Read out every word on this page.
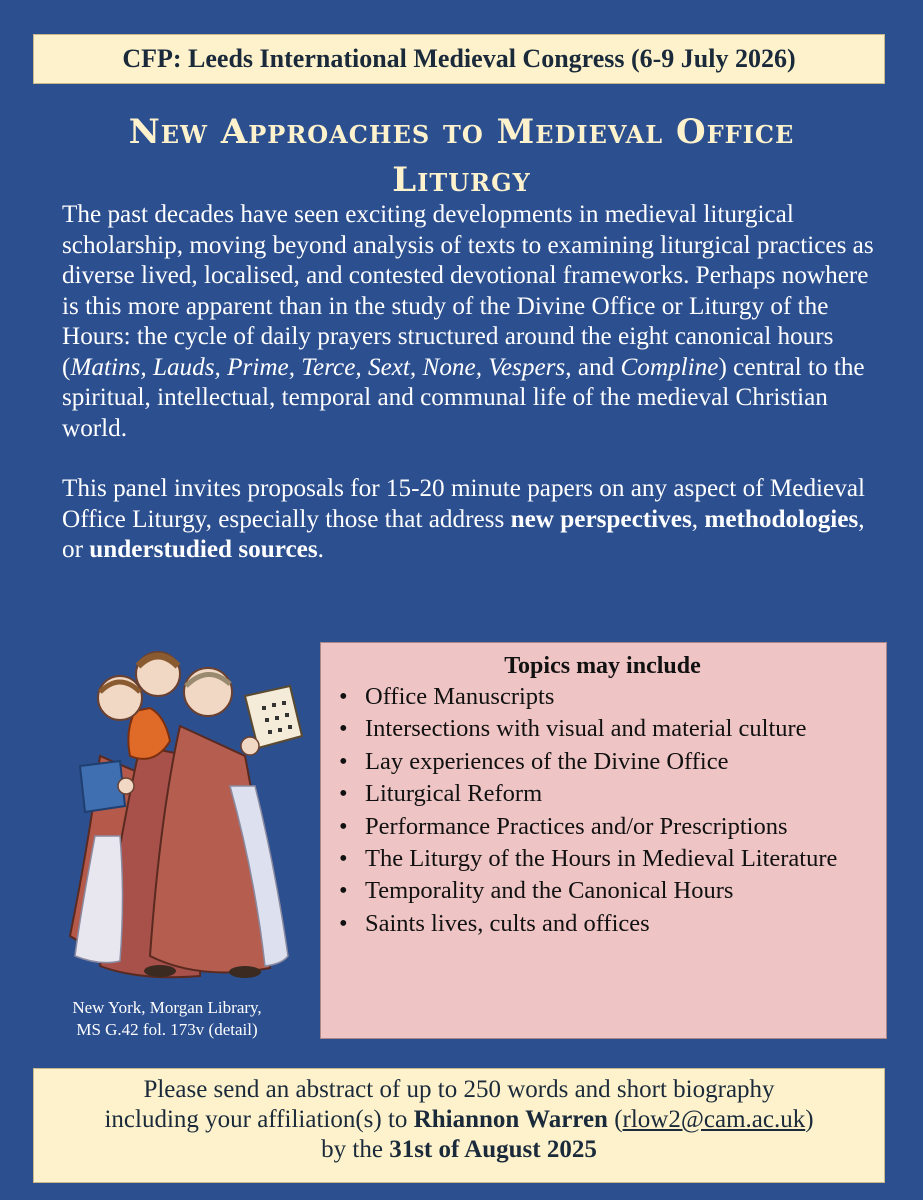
CFP: Leeds International Medieval Congress (6-9 July 2026)
New Approaches to Medieval Office
Liturgy

The past decades have seen exciting developments in medieval liturgical scholarship, moving beyond analysis of texts to examining liturgical practices as diverse lived, localised, and contested devotional frameworks. Perhaps nowhere is this more apparent than in the study of the Divine Office or Liturgy of the Hours: the cycle of daily prayers structured around the eight canonical hours (Matins, Lauds, Prime, Terce, Sext, None, Vespers, and Compline) central to the spiritual, intellectual, temporal and communal life of the medieval Christian world.

This panel invites proposals for 15-20 minute papers on any aspect of Medieval Office Liturgy, especially those that address new perspectives, methodologies, or understudied sources.

New York, Morgan Library,
MS G.42 fol. 173v (detail)
Topics may include
• Office Manuscripts
• Intersections with visual and material culture
• Lay experiences of the Divine Office
• Liturgical Reform
• Performance Practices and/or Prescriptions
• The Liturgy of the Hours in Medieval Literature
• Temporality and the Canonical Hours
• Saints lives, cults and offices
Please send an abstract of up to 250 words and short biography
including your affiliation(s) to Rhiannon Warren (rlow2@cam.ac.uk)
by the 31st of August 2025
